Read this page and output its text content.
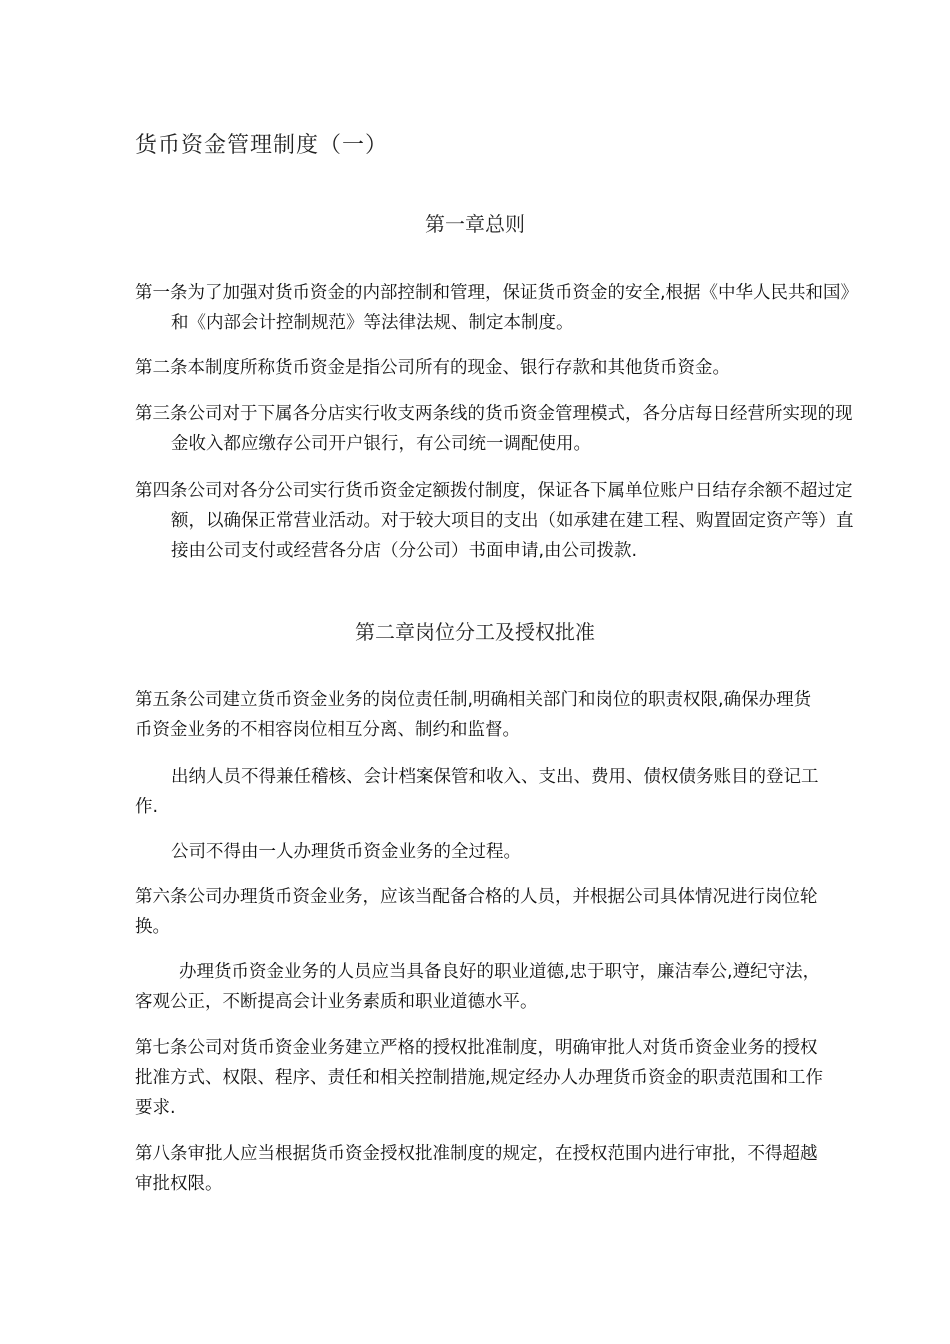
货币资金管理制度（一）
第一章总则

第一条为了加强对货币资金的内部控制和管理，保证货币资金的安全,根据《中华人民共和国》和《内部会计控制规范》等法律法规、制定本制度。

第二条本制度所称货币资金是指公司所有的现金、银行存款和其他货币资金。

第三条公司对于下属各分店实行收支两条线的货币资金管理模式，各分店每日经营所实现的现金收入都应缴存公司开户银行，有公司统一调配使用。

第四条公司对各分公司实行货币资金定额拨付制度，保证各下属单位账户日结存余额不超过定额，以确保正常营业活动。对于较大项目的支出（如承建在建工程、购置固定资产等）直接由公司支付或经营各分店（分公司）书面申请,由公司拨款.

第二章岗位分工及授权批准

第五条公司建立货币资金业务的岗位责任制,明确相关部门和岗位的职责权限,确保办理货币资金业务的不相容岗位相互分离、制约和监督。

出纳人员不得兼任稽核、会计档案保管和收入、支出、费用、债权债务账目的登记工作.

公司不得由一人办理货币资金业务的全过程。

第六条公司办理货币资金业务，应该当配备合格的人员，并根据公司具体情况进行岗位轮换。

办理货币资金业务的人员应当具备良好的职业道德,忠于职守，廉洁奉公,遵纪守法，客观公正，不断提高会计业务素质和职业道德水平。

第七条公司对货币资金业务建立严格的授权批准制度，明确审批人对货币资金业务的授权批准方式、权限、程序、责任和相关控制措施,规定经办人办理货币资金的职责范围和工作要求.

第八条审批人应当根据货币资金授权批准制度的规定，在授权范围内进行审批，不得超越审批权限。
